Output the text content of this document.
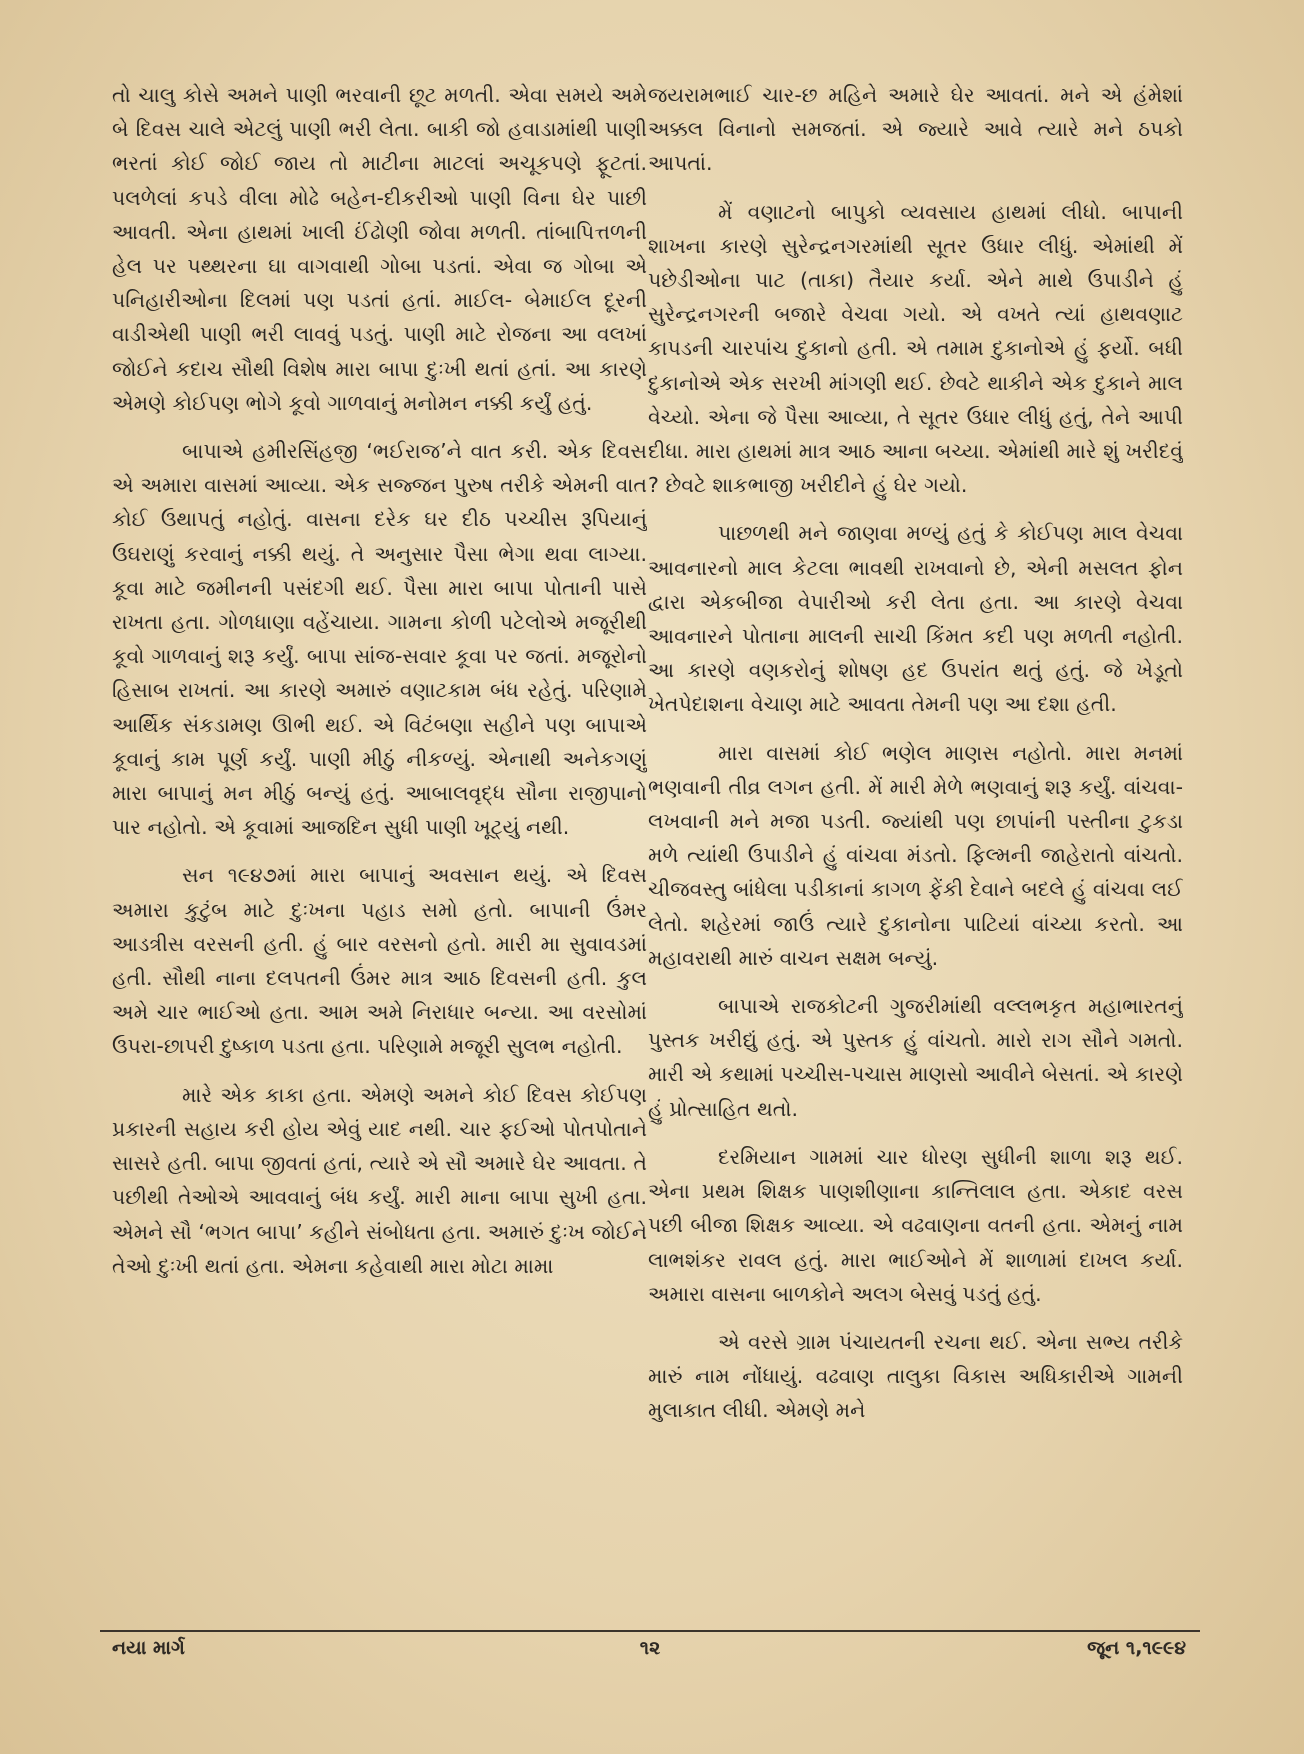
તો ચાલુ કોસે અમને પાણી ભરવાની છૂટ મળતી. એવા સમયે અમે બે દિવસ ચાલે એટલું પાણી ભરી લેતા. બાકી જો હવાડામાંથી પાણી ભરતાં કોઈ જોઈ જાય તો માટીના માટલાં અચૂકપણે ફૂટતાં. પલળેલાં કપડે વીલા મોઢે બહેન-દીકરીઓ પાણી વિના ઘેર પાછી આવતી. એના હાથમાં ખાલી ઈંઢોણી જોવા મળતી. તાંબાપિત્તળની હેલ પર પથ્થરના ઘા વાગવાથી ગોબા પડતાં. એવા જ ગોબા એ પનિહારીઓના દિલમાં પણ પડતાં હતાં. માઈલ- બેમાઈલ દૂરની વાડીએથી પાણી ભરી લાવવું પડતું. પાણી માટે રોજના આ વલખાં જોઈને કદાચ સૌથી વિશેષ મારા બાપા દુઃખી થતાં હતાં. આ કારણે એમણે કોઈપણ ભોગે કૂવો ગાળવાનું મનોમન નક્કી કર્યું હતું.

બાપાએ હમીરસિંહજી ‘ભઈરાજ’ને વાત કરી. એક દિવસ એ અમારા વાસમાં આવ્યા. એક સજ્જન પુરુષ તરીકે એમની વાત કોઈ ઉથાપતું નહોતું. વાસના દરેક ઘર દીઠ પચ્ચીસ રૂપિયાનું ઉઘરાણું કરવાનું નક્કી થયું. તે અનુસાર પૈસા ભેગા થવા લાગ્યા. કૂવા માટે જમીનની પસંદગી થઈ. પૈસા મારા બાપા પોતાની પાસે રાખતા હતા. ગોળધાણા વહેંચાયા. ગામના કોળી પટેલોએ મજૂરીથી કૂવો ગાળવાનું શરૂ કર્યું. બાપા સાંજ-સવાર કૂવા પર જતાં. મજૂરોનો હિસાબ રાખતાં. આ કારણે અમારું વણાટકામ બંધ રહેતું. પરિણામે આર્થિક સંકડામણ ઊભી થઈ. એ વિટંબણા સહીને પણ બાપાએ કૂવાનું કામ પૂર્ણ કર્યું. પાણી મીઠું નીકળ્યું. એનાથી અનેકગણું મારા બાપાનું મન મીઠું બન્યું હતું. આબાલવૃદ્ધ સૌના રાજીપાનો પાર નહોતો. એ કૂવામાં આજદિન સુધી પાણી ખૂટ્યું નથી.

સન ૧૯૪૭માં મારા બાપાનું અવસાન થયું. એ દિવસ અમારા કુટુંબ માટે દુઃખના પહાડ સમો હતો. બાપાની ઉંમર આડત્રીસ વરસની હતી. હું બાર વરસનો હતો. મારી મા સુવાવડમાં હતી. સૌથી નાના દલપતની ઉંમર માત્ર આઠ દિવસની હતી. કુલ અમે ચાર ભાઈઓ હતા. આમ અમે નિરાધાર બન્યા. આ વરસોમાં ઉપરા-છાપરી દુષ્કાળ પડતા હતા. પરિણામે મજૂરી સુલભ નહોતી.

મારે એક કાકા હતા. એમણે અમને કોઈ દિવસ કોઈપણ પ્રકારની સહાય કરી હોય એવું યાદ નથી. ચાર ફઈઓ પોતપોતાને સાસરે હતી. બાપા જીવતાં હતાં, ત્યારે એ સૌ અમારે ઘેર આવતા. તે પછીથી તેઓએ આવવાનું બંધ કર્યું. મારી માના બાપા સુખી હતા. એમને સૌ ‘ભગત બાપા’ કહીને સંબોધતા હતા. અમારું દુઃખ જોઈને તેઓ દુઃખી થતાં હતા. એમના કહેવાથી મારા મોટા મામા

જયરામભાઈ ચાર-છ મહિને અમારે ઘેર આવતાં. મને એ હંમેશાં અક્કલ વિનાનો સમજતાં. એ જ્યારે આવે ત્યારે મને ઠપકો આપતાં.

મેં વણાટનો બાપુકો વ્યવસાય હાથમાં લીધો. બાપાની શાખના કારણે સુરેન્દ્રનગરમાંથી સૂતર ઉધાર લીધું. એમાંથી મેં પછેડીઓના પાટ (તાકા) તૈયાર કર્યા. એને માથે ઉપાડીને હું સુરેન્દ્રનગરની બજારે વેચવા ગયો. એ વખતે ત્યાં હાથવણાટ કાપડની ચારપાંચ દુકાનો હતી. એ તમામ દુકાનોએ હું ફર્યો. બધી દુકાનોએ એક સરખી માંગણી થઈ. છેવટે થાકીને એક દુકાને માલ વેચ્યો. એના જે પૈસા આવ્યા, તે સૂતર ઉધાર લીધું હતું, તેને આપી દીધા. મારા હાથમાં માત્ર આઠ આના બચ્યા. એમાંથી મારે શું ખરીદવું ? છેવટે શાકભાજી ખરીદીને હું ઘેર ગયો.

પાછળથી મને જાણવા મળ્યું હતું કે કોઈપણ માલ વેચવા આવનારનો માલ કેટલા ભાવથી રાખવાનો છે, એની મસલત ફોન દ્વારા એકબીજા વેપારીઓ કરી લેતા હતા. આ કારણે વેચવા આવનારને પોતાના માલની સાચી કિંમત કદી પણ મળતી નહોતી. આ કારણે વણકરોનું શોષણ હદ ઉપરાંત થતું હતું. જે ખેડૂતો ખેતપેદાશના વેચાણ માટે આવતા તેમની પણ આ દશા હતી.

મારા વાસમાં કોઈ ભણેલ માણસ નહોતો. મારા મનમાં ભણવાની તીવ્ર લગન હતી. મેં મારી મેળે ભણવાનું શરૂ કર્યું. વાંચવા-લખવાની મને મજા પડતી. જ્યાંથી પણ છાપાંની પસ્તીના ટુકડા મળે ત્યાંથી ઉપાડીને હું વાંચવા મંડતો. ફિલ્મની જાહેરાતો વાંચતો. ચીજવસ્તુ બાંધેલા પડીકાનાં કાગળ ફેંકી દેવાને બદલે હું વાંચવા લઈ લેતો. શહેરમાં જાઉં ત્યારે દુકાનોના પાટિયાં વાંચ્યા કરતો. આ મહાવરાથી મારું વાચન સક્ષમ બન્યું.

બાપાએ રાજકોટની ગુજરીમાંથી વલ્લભકૃત મહાભારતનું પુસ્તક ખરીદ્યું હતું. એ પુસ્તક હું વાંચતો. મારો રાગ સૌને ગમતો. મારી એ કથામાં પચ્ચીસ-પચાસ માણસો આવીને બેસતાં. એ કારણે હું પ્રોત્સાહિત થતો.

દરમિયાન ગામમાં ચાર ધોરણ સુધીની શાળા શરૂ થઈ. એના પ્રથમ શિક્ષક પાણશીણાના કાન્તિલાલ હતા. એકાદ વરસ પછી બીજા શિક્ષક આવ્યા. એ વઢવાણના વતની હતા. એમનું નામ લાભશંકર રાવલ હતું. મારા ભાઈઓને મેં શાળામાં દાખલ કર્યા. અમારા વાસના બાળકોને અલગ બેસવું પડતું હતું.

એ વરસે ગ્રામ પંચાયતની રચના થઈ. એના સભ્ય તરીકે મારું નામ નોંધાયું. વઢવાણ તાલુકા વિકાસ અધિકારીએ ગામની મુલાકાત લીધી. એમણે મને

નયા માર્ગ	૧૨	જૂન ૧,૧૯૯૪
